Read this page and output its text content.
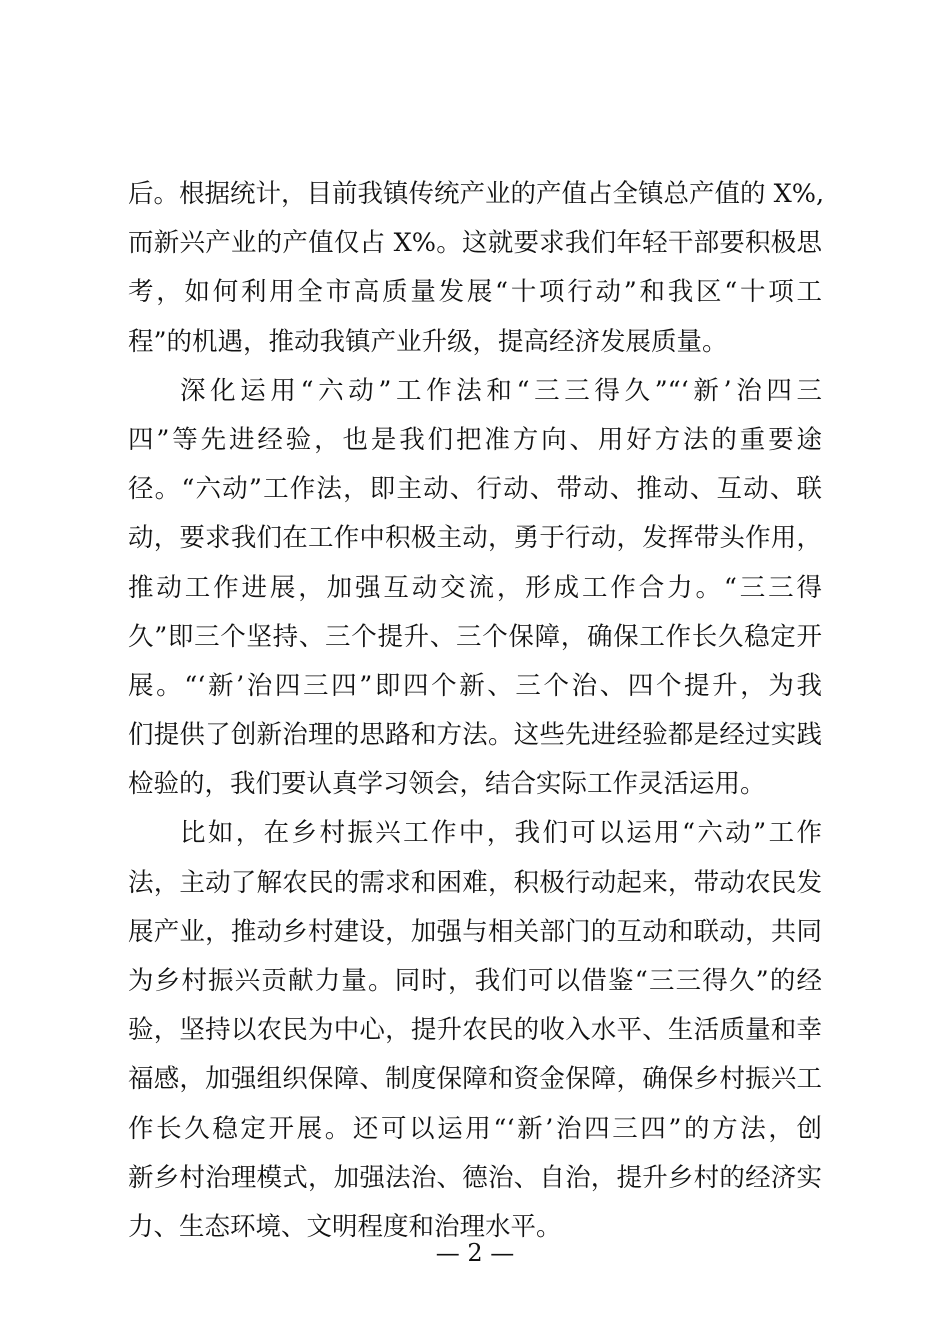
后。根据统计，目前我镇传统产业的产值占全镇总产值的 X%,
而新兴产业的产值仅占 X%。这就要求我们年轻干部要积极思
考，如何利用全市高质量发展“十项行动”和我区“十项工
程”的机遇，推动我镇产业升级，提高经济发展质量。
深化运用“六动”工作法和“三三得久”“‘新’治四三
四”等先进经验，也是我们把准方向、用好方法的重要途
径。“六动”工作法，即主动、行动、带动、推动、互动、联
动，要求我们在工作中积极主动，勇于行动，发挥带头作用，
推动工作进展，加强互动交流，形成工作合力。“三三得
久”即三个坚持、三个提升、三个保障，确保工作长久稳定开
展。“‘新’治四三四”即四个新、三个治、四个提升，为我
们提供了创新治理的思路和方法。这些先进经验都是经过实践
检验的，我们要认真学习领会，结合实际工作灵活运用。
比如，在乡村振兴工作中，我们可以运用“六动”工作
法，主动了解农民的需求和困难，积极行动起来，带动农民发
展产业，推动乡村建设，加强与相关部门的互动和联动，共同
为乡村振兴贡献力量。同时，我们可以借鉴“三三得久”的经
验，坚持以农民为中心，提升农民的收入水平、生活质量和幸
福感，加强组织保障、制度保障和资金保障，确保乡村振兴工
作长久稳定开展。还可以运用“‘新’治四三四”的方法，创
新乡村治理模式，加强法治、德治、自治，提升乡村的经济实
力、生态环境、文明程度和治理水平。
— 2 —
